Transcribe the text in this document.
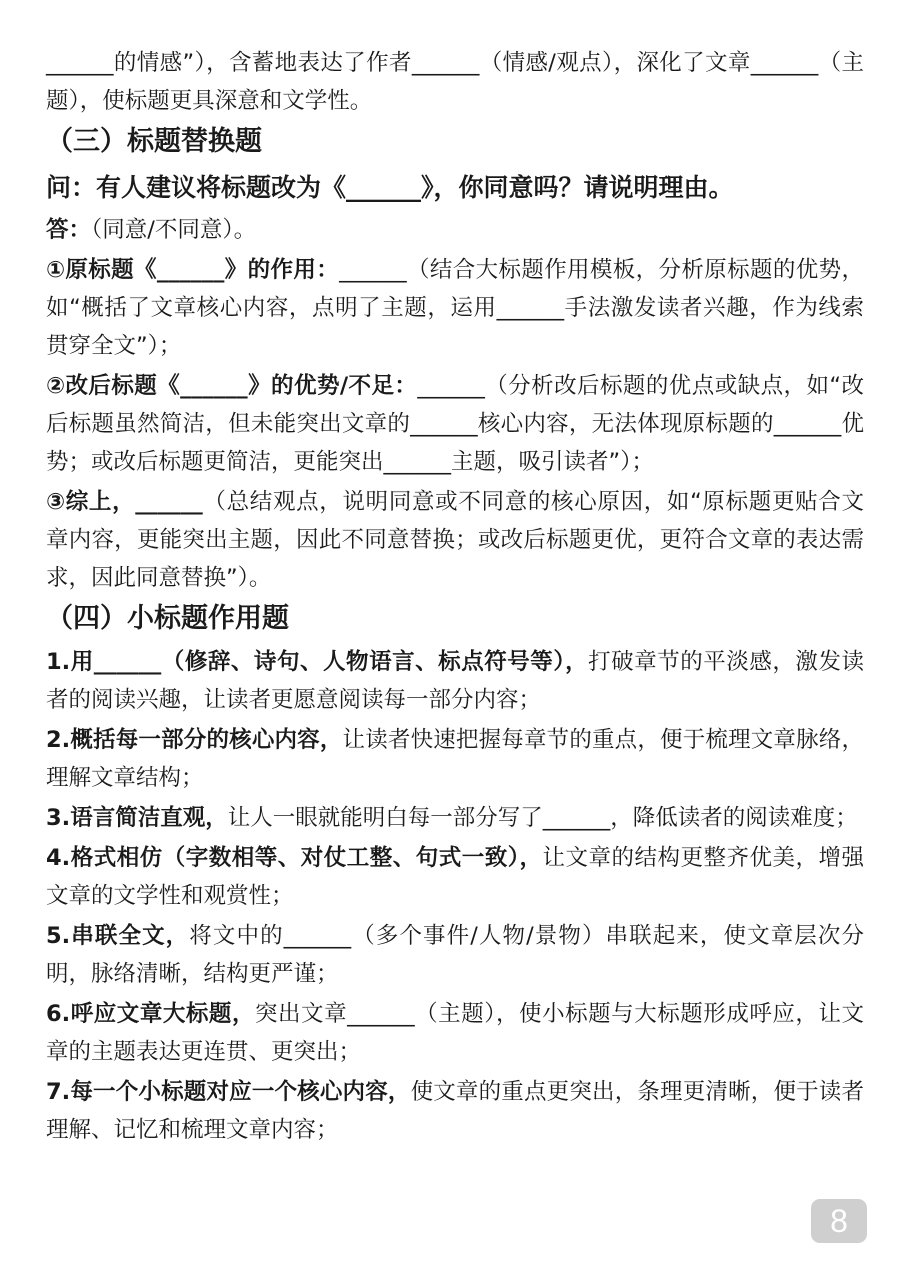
______的情感”），含蓄地表达了作者______（情感/观点），深化了文章______（主题），使标题更具深意和文学性。

（三）标题替换题

问：有人建议将标题改为《______》，你同意吗？请说明理由。

答：（同意/不同意）。

①原标题《______》的作用：______（结合大标题作用模板，分析原标题的优势，如“概括了文章核心内容，点明了主题，运用______手法激发读者兴趣，作为线索贯穿全文”）；

②改后标题《______》的优势/不足：______（分析改后标题的优点或缺点，如“改后标题虽然简洁，但未能突出文章的______核心内容，无法体现原标题的______优势；或改后标题更简洁，更能突出______主题，吸引读者”）；

③综上，______（总结观点，说明同意或不同意的核心原因，如“原标题更贴合文章内容，更能突出主题，因此不同意替换；或改后标题更优，更符合文章的表达需求，因此同意替换”）。

（四）小标题作用题

1.用______（修辞、诗句、人物语言、标点符号等），打破章节的平淡感，激发读者的阅读兴趣，让读者更愿意阅读每一部分内容；

2.概括每一部分的核心内容，让读者快速把握每章节的重点，便于梳理文章脉络，理解文章结构；

3.语言简洁直观，让人一眼就能明白每一部分写了______，降低读者的阅读难度；

4.格式相仿（字数相等、对仗工整、句式一致），让文章的结构更整齐优美，增强文章的文学性和观赏性；

5.串联全文，将文中的______（多个事件/人物/景物）串联起来，使文章层次分明，脉络清晰，结构更严谨；

6.呼应文章大标题，突出文章______（主题），使小标题与大标题形成呼应，让文章的主题表达更连贯、更突出；

7.每一个小标题对应一个核心内容，使文章的重点更突出，条理更清晰，便于读者理解、记忆和梳理文章内容；

8
